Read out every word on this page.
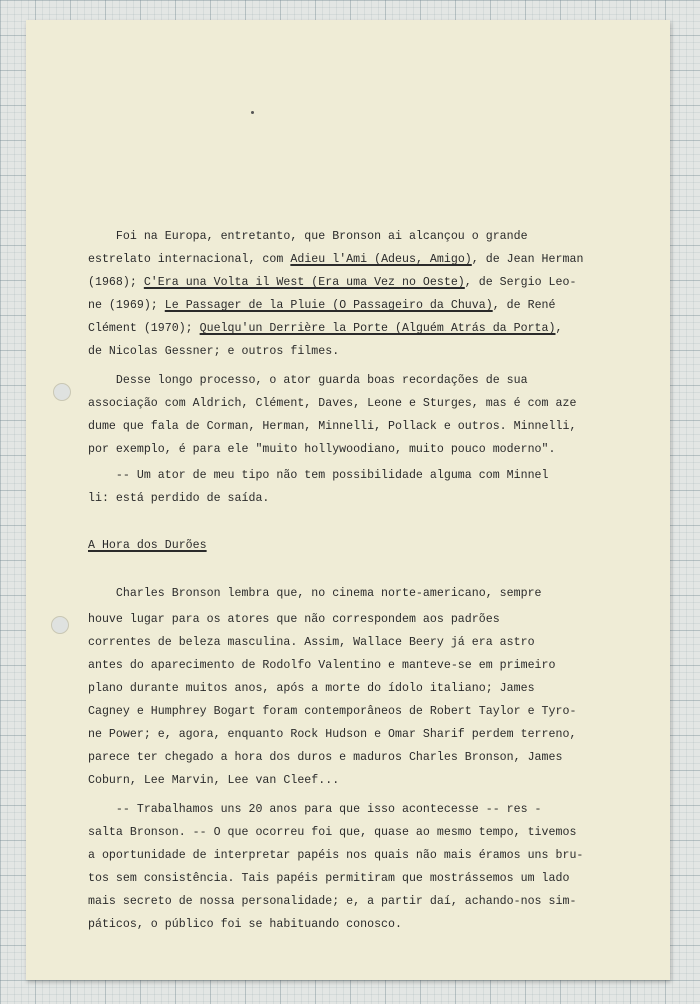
Foi na Europa, entretanto, que Bronson ai alcançou o grande
estrelato internacional, com Adieu l'Ami (Adeus, Amigo), de Jean Herman
(1968); C'Era una Volta il West (Era uma Vez no Oeste), de Sergio Leo-
ne (1969); Le Passager de la Pluie (O Passageiro da Chuva), de René
Clément (1970); Quelqu'un Derrière la Porte (Alguém Atrás da Porta),
de Nicolas Gessner; e outros filmes.
Desse longo processo, o ator guarda boas recordações de sua
associação com Aldrich, Clément, Daves, Leone e Sturges, mas é com aze
dume que fala de Corman, Herman, Minnelli, Pollack e outros. Minnelli,
por exemplo, é para ele "muito hollywoodiano, muito pouco moderno".
-- Um ator de meu tipo não tem possibilidade alguma com Minnel
li: está perdido de saída.
A Hora dos Durões
Charles Bronson lembra que, no cinema norte-americano, sempre
houve lugar para os atores que não correspondem aos padrões
correntes de beleza masculina. Assim, Wallace Beery já era astro
antes do aparecimento de Rodolfo Valentino e manteve-se em primeiro
plano durante muitos anos, após a morte do ídolo italiano; James
Cagney e Humphrey Bogart foram contemporâneos de Robert Taylor e Tyro-
ne Power; e, agora, enquanto Rock Hudson e Omar Sharif perdem terreno,
parece ter chegado a hora dos duros e maduros Charles Bronson, James
Coburn, Lee Marvin, Lee van Cleef...
-- Trabalhamos uns 20 anos para que isso acontecesse -- res -
salta Bronson. -- O que ocorreu foi que, quase ao mesmo tempo, tivemos
a oportunidade de interpretar papéis nos quais não mais éramos uns bru-
tos sem consistência. Tais papéis permitiram que mostrássemos um lado
mais secreto de nossa personalidade; e, a partir daí, achando-nos sim-
páticos, o público foi se habituando conosco.
